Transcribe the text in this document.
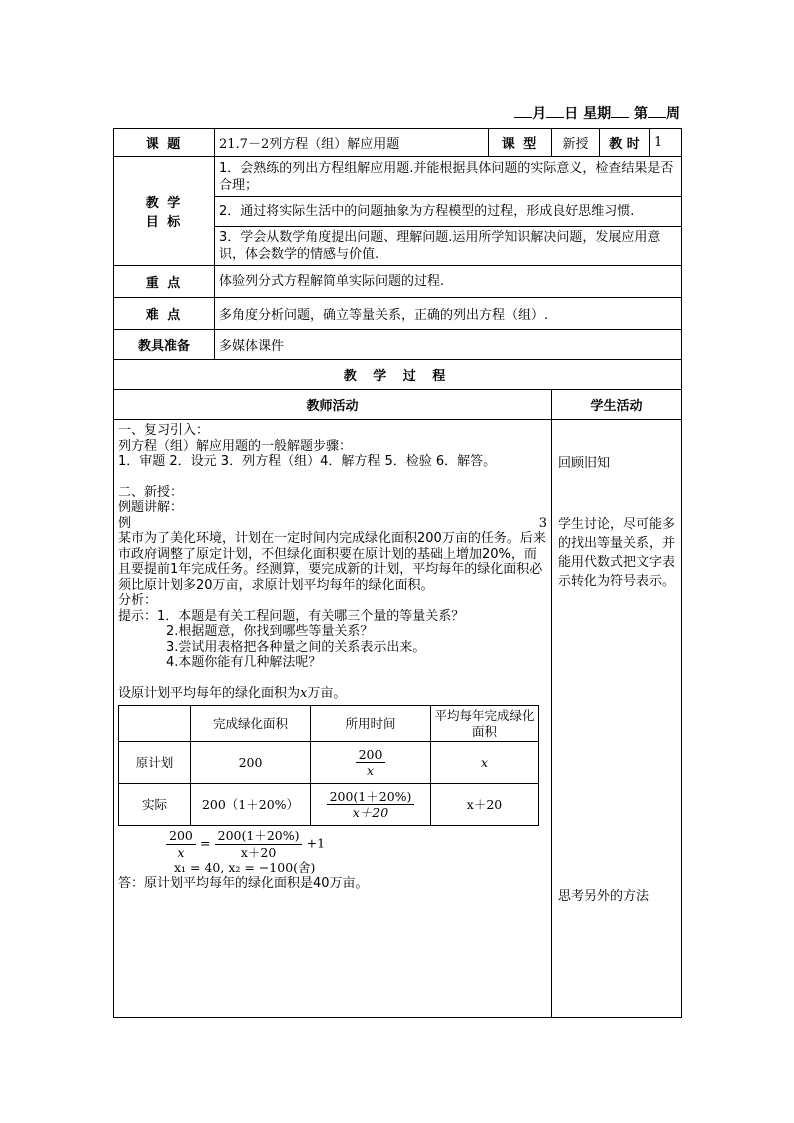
月 日 星期 第 周
课 题	21.7－2列方程（组）解应用题	课 型	新授	教 时	1

教 学
目 标
	1．会熟练的列出方程组解应用题.并能根据具体问题的实际意义，检查结果是否合理；
2．通过将实际生活中的问题抽象为方程模型的过程，形成良好思维习惯.
3．学会从数学角度提出问题、理解问题.运用所学知识解决问题，发展应用意识，体会数学的情感与价值.
重 点	体验列分式方程解简单实际问题的过程.
难 点	多角度分析问题，确立等量关系，正确的列出方程（组）.
教具准备	多媒体课件
教 学 过 程
教师活动	学生活动

一、复习引入：

列方程（组）解应用题的一般解题步骤：

1．审题 2．设元 3．列方程（组）4．解方程 5．检验 6．解答。

二、新授：

例题讲解：

例	3

某市为了美化环境，计划在一定时间内完成绿化面积200万亩的任务。后来市政府调整了原定计划，不但绿化面积要在原计划的基础上增加20%，而且要提前1年完成任务。经测算，要完成新的计划，平均每年的绿化面积必须比原计划多20万亩，求原计划平均每年的绿化面积。

分析：

提示：1．本题是有关工程问题，有关哪三个量的等量关系？

2.根据题意，你找到哪些等量关系？

3.尝试用表格把各种量之间的关系表示出来。

4.本题你能有几种解法呢？

设原计划平均每年的绿化面积为x万亩。

	完成绿化面积	所用时间	平均每年完成绿化面积
原计划	200	$\frac{200}{x}$	x
实际	200（1＋20%）	$\frac{200(1+20\%)}{x+20}$	x＋20
$\frac{200}{x} = \frac{200(1+20\%)}{x+20} +1$

x₁ = 40, x₂ = −100(舍)

答：原计划平均每年的绿化面积是40万亩。

回顾旧知
学生讨论，尽可能多的找出等量关系，并能用代数式把文字表示转化为符号表示。
思考另外的方法
